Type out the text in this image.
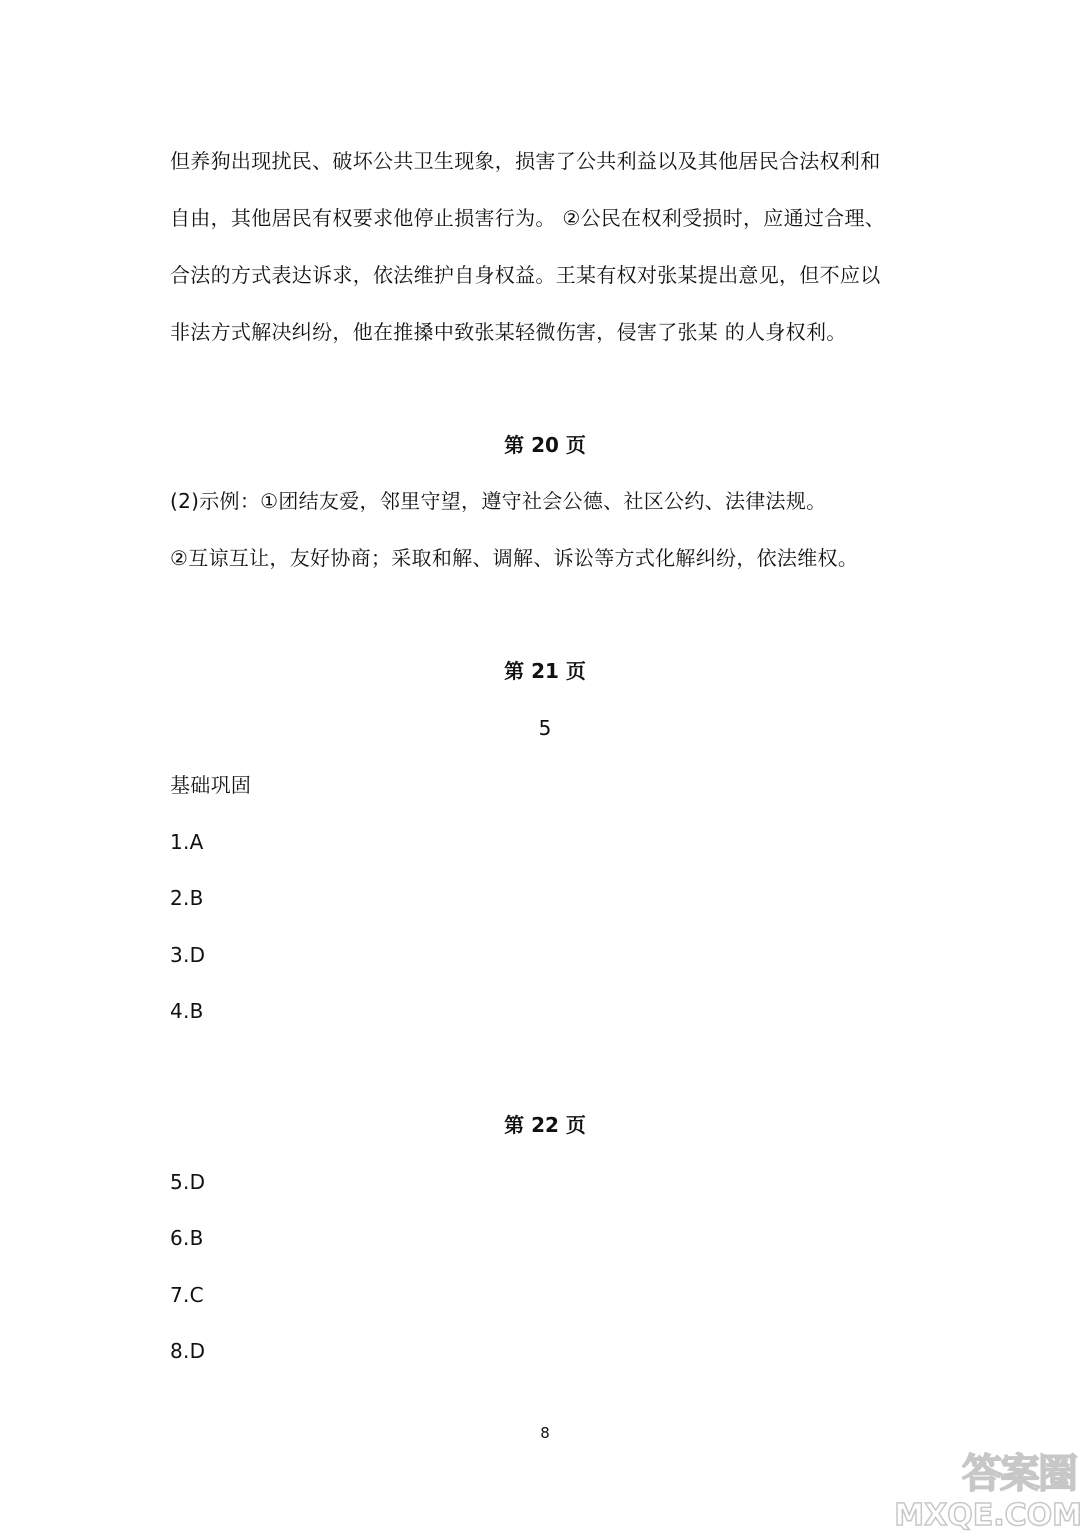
但养狗出现扰民、破坏公共卫生现象，损害了公共利益以及其他居民合法权利和
自由，其他居民有权要求他停止损害行为。 ②公民在权利受损时，应通过合理、
合法的方式表达诉求，依法维护自身权益。王某有权对张某提出意见，但不应以
非法方式解决纠纷，他在推搡中致张某轻微伤害，侵害了张某 的人身权利。
第 20 页
(2)示例：①团结友爱，邻里守望，遵守社会公德、社区公约、法律法规。
②互谅互让，友好协商；采取和解、调解、诉讼等方式化解纠纷，依法维权。
第 21 页
5
基础巩固
1.A
2.B
3.D
4.B
第 22 页
5.D
6.B
7.C
8.D
8
答案圈
MXQE.COM
